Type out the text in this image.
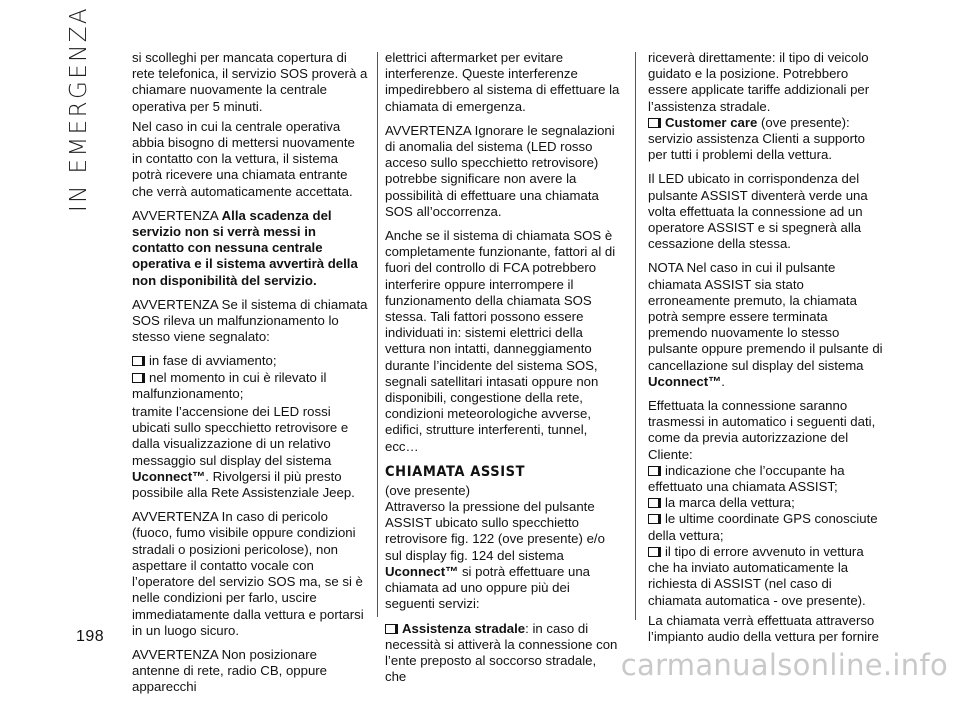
IN EMERGENZA
198

si scolleghi per mancata copertura di rete telefonica, il servizio SOS proverà a chiamare nuovamente la centrale operativa per 5 minuti.

Nel caso in cui la centrale operativa abbia bisogno di mettersi nuovamente in contatto con la vettura, il sistema potrà ricevere una chiamata entrante che verrà automaticamente accettata.

AVVERTENZA Alla scadenza del servizio non si verrà messi in contatto con nessuna centrale operativa e il sistema avvertirà della non disponibilità del servizio.

AVVERTENZA Se il sistema di chiamata SOS rileva un malfunzionamento lo stesso viene segnalato:

in fase di avviamento;
nel momento in cui è rilevato il malfunzionamento;

tramite l’accensione dei LED rossi ubicati sullo specchietto retrovisore e dalla visualizzazione di un relativo messaggio sul display del sistema Uconnect™. Rivolgersi il più presto possibile alla Rete Assistenziale Jeep.

AVVERTENZA In caso di pericolo (fuoco, fumo visibile oppure condizioni stradali o posizioni pericolose), non aspettare il contatto vocale con l’operatore del servizio SOS ma, se si è nelle condizioni per farlo, uscire immediatamente dalla vettura e portarsi in un luogo sicuro.

AVVERTENZA Non posizionare antenne di rete, radio CB, oppure apparecchi

elettrici aftermarket per evitare interferenze. Queste interferenze impedirebbero al sistema di effettuare la chiamata di emergenza.

AVVERTENZA Ignorare le segnalazioni di anomalia del sistema (LED rosso acceso sullo specchietto retrovisore) potrebbe significare non avere la possibilità di effettuare una chiamata SOS all’occorrenza.

Anche se il sistema di chiamata SOS è completamente funzionante, fattori al di fuori del controllo di FCA potrebbero interferire oppure interrompere il funzionamento della chiamata SOS stessa. Tali fattori possono essere individuati in: sistemi elettrici della vettura non intatti, danneggiamento durante l’incidente del sistema SOS, segnali satellitari intasati oppure non disponibili, congestione della rete, condizioni meteorologiche avverse, edifici, strutture interferenti, tunnel, ecc…

CHIAMATA ASSIST
(ove presente)

Attraverso la pressione del pulsante ASSIST ubicato sullo specchietto retrovisore fig. 122 (ove presente) e/o sul display fig. 124 del sistema Uconnect™ si potrà effettuare una chiamata ad uno oppure più dei seguenti servizi:

Assistenza stradale: in caso di necessità si attiverà la connessione con l’ente preposto al soccorso stradale, che

riceverà direttamente: il tipo di veicolo guidato e la posizione. Potrebbero essere applicate tariffe addizionali per l’assistenza stradale.

Customer care (ove presente): servizio assistenza Clienti a supporto per tutti i problemi della vettura.

Il LED ubicato in corrispondenza del pulsante ASSIST diventerà verde una volta effettuata la connessione ad un operatore ASSIST e si spegnerà alla cessazione della stessa.

NOTA Nel caso in cui il pulsante chiamata ASSIST sia stato erroneamente premuto, la chiamata potrà sempre essere terminata premendo nuovamente lo stesso pulsante oppure premendo il pulsante di cancellazione sul display del sistema Uconnect™.

Effettuata la connessione saranno trasmessi in automatico i seguenti dati, come da previa autorizzazione del Cliente:

indicazione che l’occupante ha effettuato una chiamata ASSIST;
la marca della vettura;
le ultime coordinate GPS conosciute della vettura;
il tipo di errore avvenuto in vettura che ha inviato automaticamente la richiesta di ASSIST (nel caso di chiamata automatica - ove presente).

La chiamata verrà effettuata attraverso l’impianto audio della vettura per fornire

carmanualsonline.info
